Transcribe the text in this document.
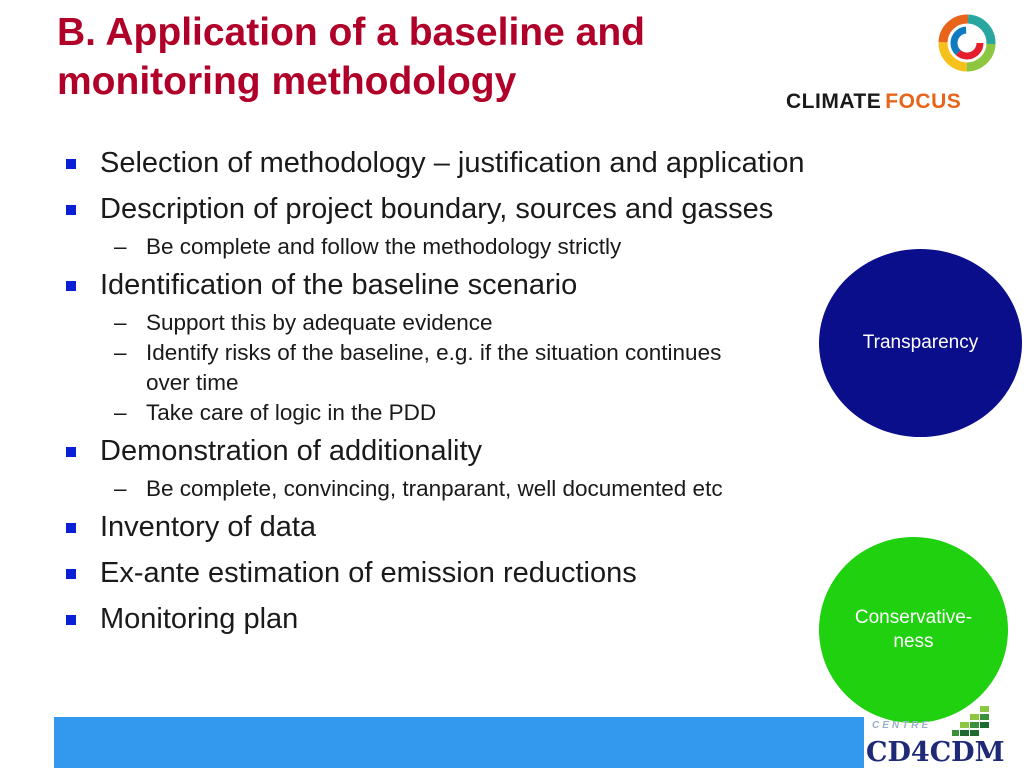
B. Application of a baseline and
monitoring methodology	CLIMATE FOCUS
Selection of methodology – justification and application
Description of project boundary, sources and gasses
– Be complete and follow the methodology strictly
Identification of the baseline scenario
– Support this by adequate evidence
– Identify risks of the baseline, e.g. if the situation continues over time
– Take care of logic in the PDD
Demonstration of additionality
– Be complete, convincing, tranparant, well documented etc
Inventory of data
Ex-ante estimation of emission reductions
Monitoring plan
Transparency
Conservative-
ness
CENTRE
CD4CDM
